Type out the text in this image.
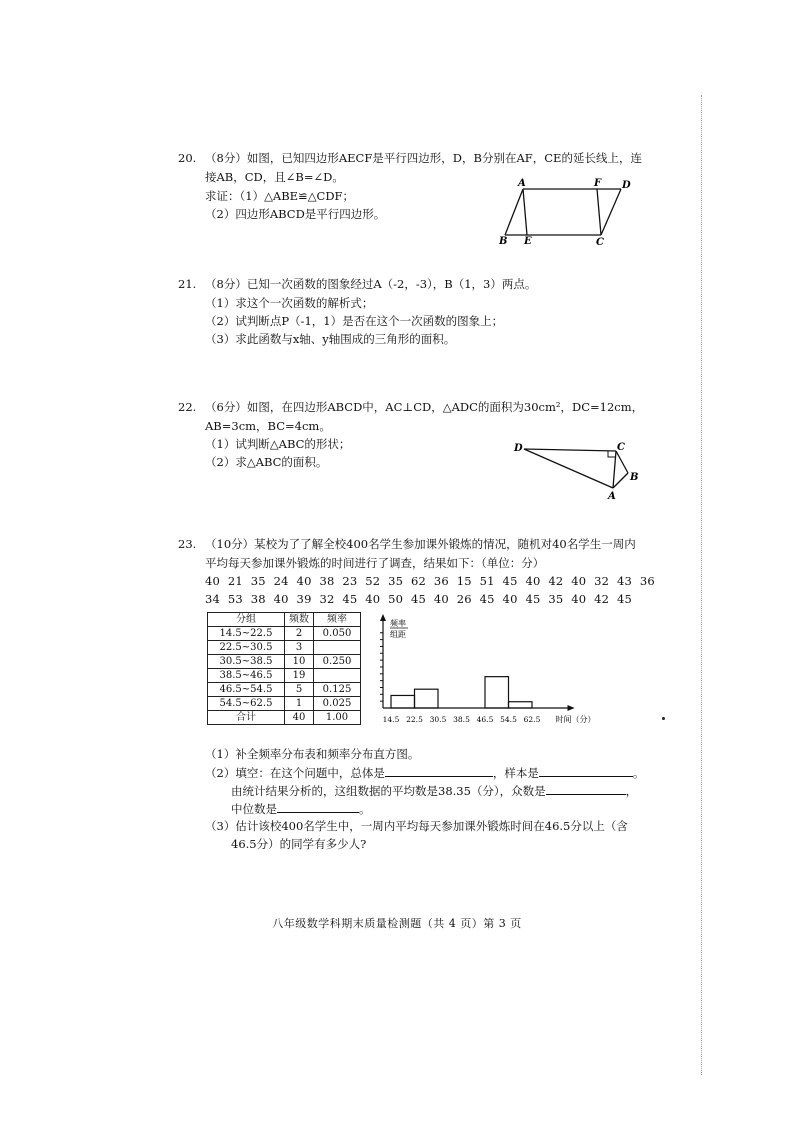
20. （8分）如图，已知四边形AECF是平行四边形，D，B分别在AF，CE的延长线上，连
接AB，CD，且∠B=∠D。
求证：（1）△ABE≌△CDF；
（2）四边形ABCD是平行四边形。
A	F D
B E	C
21. （8分）已知一次函数的图象经过A（-2，-3），B（1，3）两点。
（1）求这个一次函数的解析式；
（2）试判断点P（-1，1）是否在这个一次函数的图象上；
（3）求此函数与x轴、y轴围成的三角形的面积。
22. （6分）如图，在四边形ABCD中，AC⊥CD，△ADC的面积为30cm²，DC=12cm，
AB=3cm，BC=4cm。
（1）试判断△ABC的形状；
（2）求△ABC的面积。
D	C
B
A
23. （10分）某校为了了解全校400名学生参加课外锻炼的情况，随机对40名学生一周内
平均每天参加课外锻炼的时间进行了调查，结果如下：（单位：分）
40 21 35 24 40 38 23 52 35 62 36 15 51 45 40 42 40 32 43 36
34 53 38 40 39 32 45 40 50 45 40 26 45 40 45 35 40 42 45
分组	频数	频率
14.5~22.5	2	0.050
22.5~30.5	3	
30.5~38.5	10	0.250
38.5~46.5	19	
46.5~54.5	5	0.125
54.5~62.5	1	0.025
合计	40	1.00
频率
组距
14.5 22.5 30.5 38.5 46.5 54.5 62.5 时间（分）
（1）补全频率分布表和频率分布直方图。
（2）填空：在这个问题中，总体是	，样本是	。
由统计结果分析的，这组数据的平均数是38.35（分），众数是	，
中位数是	。
（3）估计该校400名学生中，一周内平均每天参加课外锻炼时间在46.5分以上（含
46.5分）的同学有多少人?
八年级数学科期末质量检测题（共 4 页）第 3 页
